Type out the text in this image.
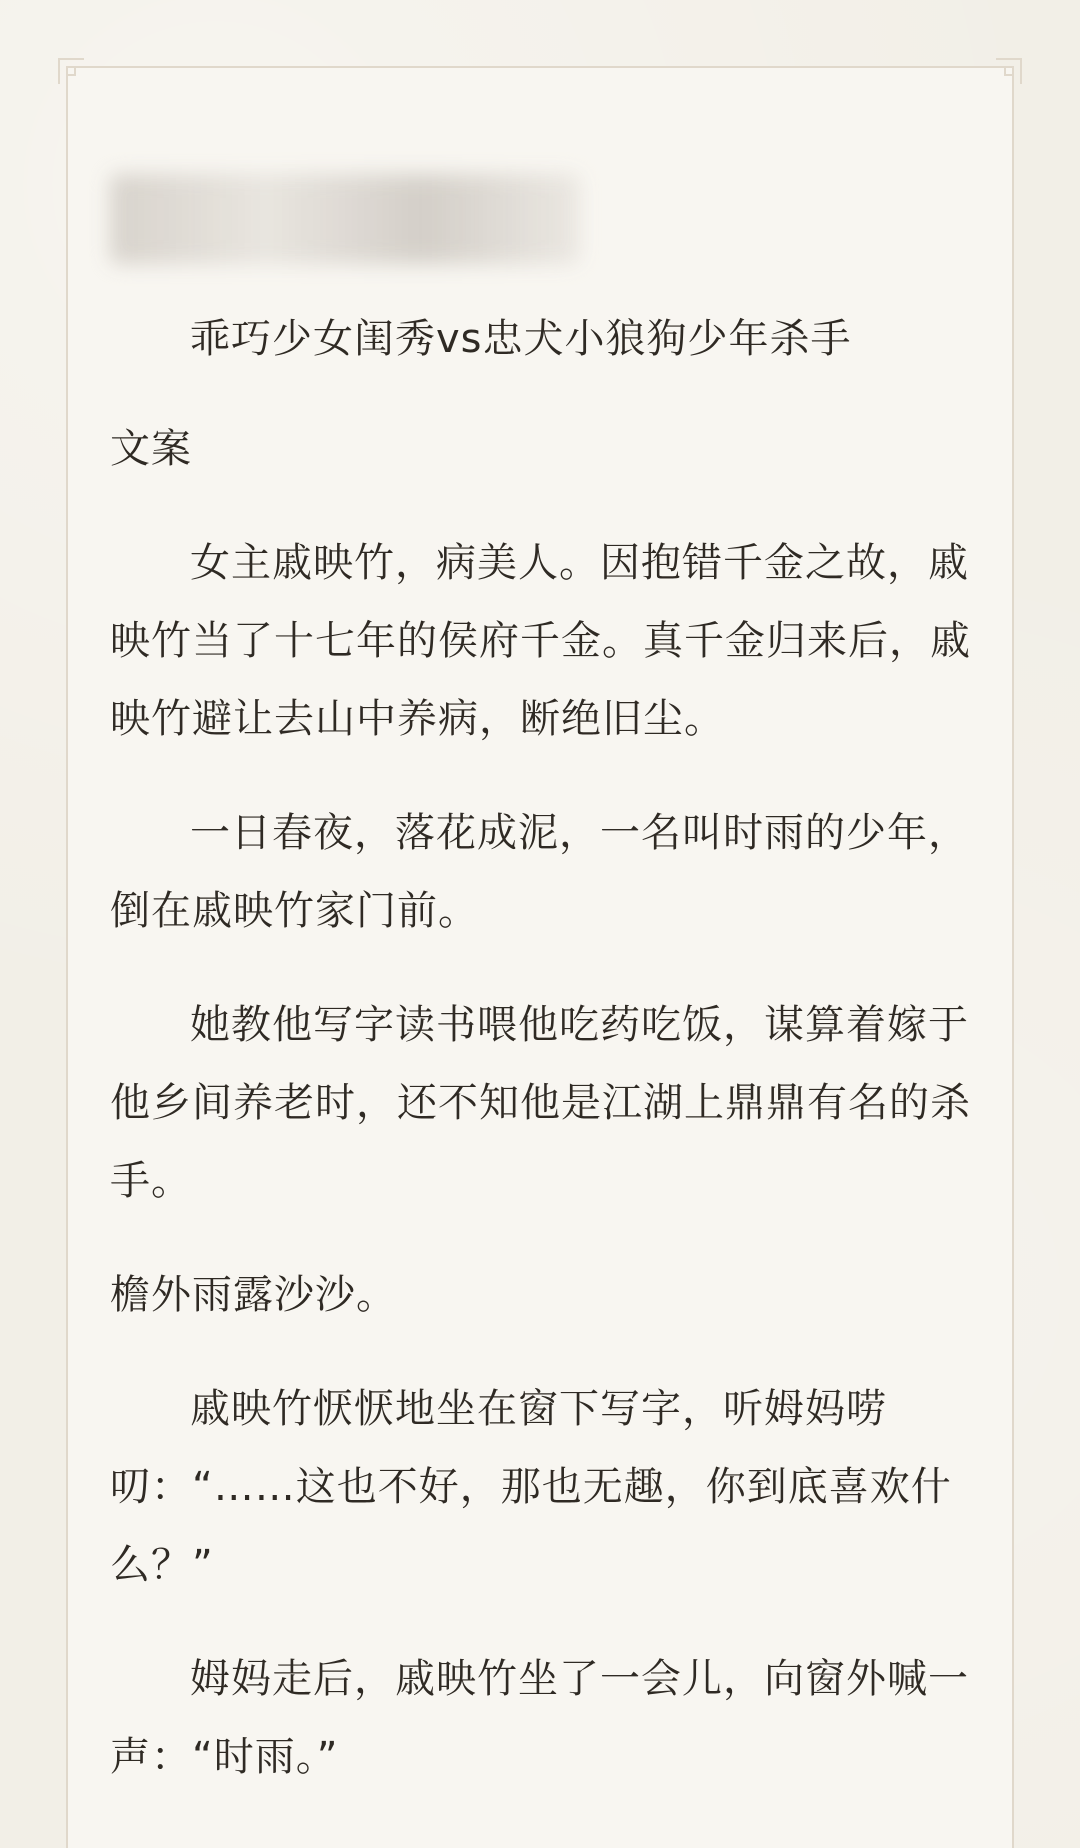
乖巧少女闺秀vs忠犬小狼狗少年杀手

文案

女主戚映竹，病美人。因抱错千金之故，戚映竹当了十七年的侯府千金。真千金归来后，戚映竹避让去山中养病，断绝旧尘。

一日春夜，落花成泥，一名叫时雨的少年，倒在戚映竹家门前。

她教他写字读书喂他吃药吃饭，谋算着嫁于他乡间养老时，还不知他是江湖上鼎鼎有名的杀手。

檐外雨露沙沙。

戚映竹恹恹地坐在窗下写字，听姆妈唠叨：“……这也不好，那也无趣，你到底喜欢什么？”

姆妈走后，戚映竹坐了一会儿，向窗外喊一声：“时雨。”
